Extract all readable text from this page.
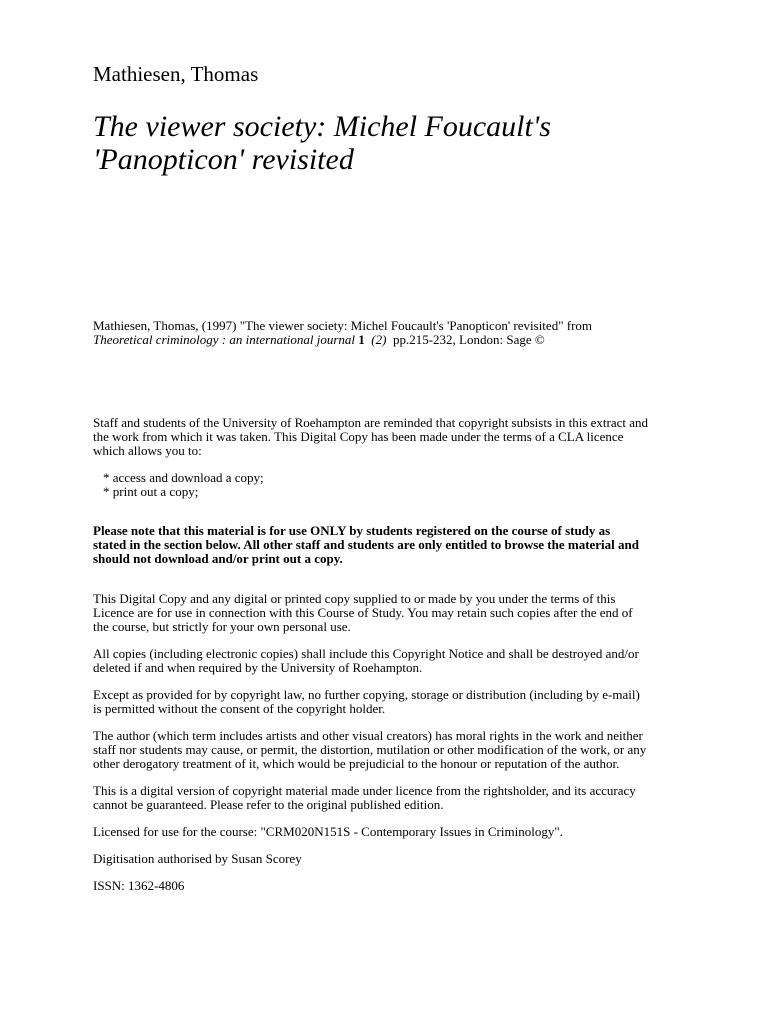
Mathiesen, Thomas
The viewer society: Michel Foucault's
'Panopticon' revisited
Mathiesen, Thomas, (1997) "The viewer society: Michel Foucault's 'Panopticon' revisited" from
Theoretical criminology : an international journal 1 (2) pp.215-232, London: Sage ©

Staff and students of the University of Roehampton are reminded that copyright subsists in this extract and
the work from which it was taken. This Digital Copy has been made under the terms of a CLA licence
which allows you to:

* access and download a copy;
* print out a copy;

Please note that this material is for use ONLY by students registered on the course of study as
stated in the section below. All other staff and students are only entitled to browse the material and
should not download and/or print out a copy.

This Digital Copy and any digital or printed copy supplied to or made by you under the terms of this
Licence are for use in connection with this Course of Study. You may retain such copies after the end of
the course, but strictly for your own personal use.

All copies (including electronic copies) shall include this Copyright Notice and shall be destroyed and/or
deleted if and when required by the University of Roehampton.

Except as provided for by copyright law, no further copying, storage or distribution (including by e-mail)
is permitted without the consent of the copyright holder.

The author (which term includes artists and other visual creators) has moral rights in the work and neither
staff nor students may cause, or permit, the distortion, mutilation or other modification of the work, or any
other derogatory treatment of it, which would be prejudicial to the honour or reputation of the author.

This is a digital version of copyright material made under licence from the rightsholder, and its accuracy
cannot be guaranteed. Please refer to the original published edition.

Licensed for use for the course: "CRM020N151S - Contemporary Issues in Criminology".

Digitisation authorised by Susan Scorey

ISSN: 1362-4806
